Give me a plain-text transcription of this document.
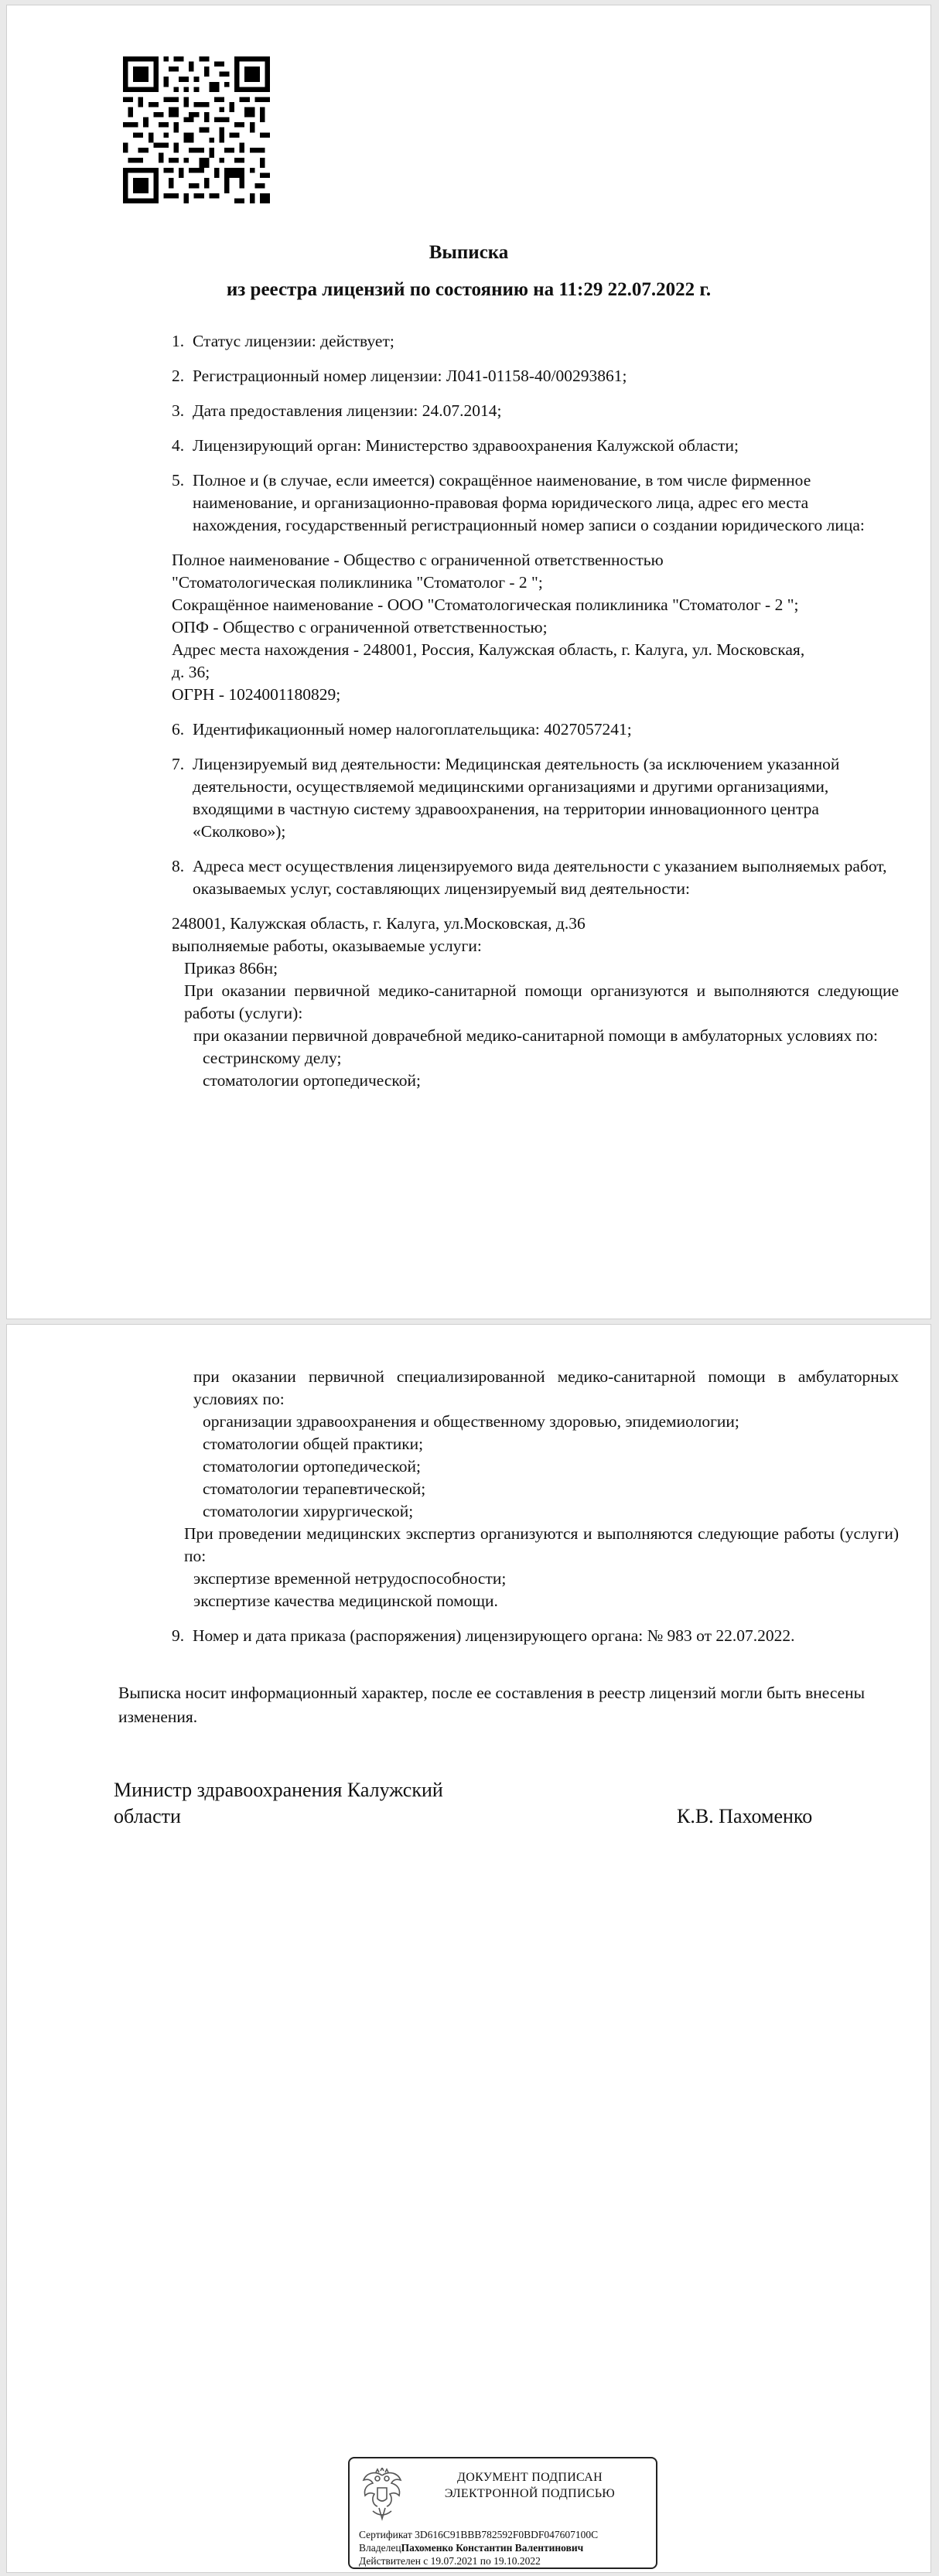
Выписка
из реестра лицензий по состоянию на 11:29 22.07.2022 г.
1. Статус лицензии: действует;
2. Регистрационный номер лицензии: Л041-01158-40/00293861;
3. Дата предоставления лицензии: 24.07.2014;
4. Лицензирующий орган: Министерство здравоохранения Калужской области;
5. Полное и (в случае, если имеется) сокращённое наименование, в том числе фирменное наименование, и организационно-правовая форма юридического лица, адрес его места нахождения, государственный регистрационный номер записи о создании юридического лица:
Полное наименование - Общество с ограниченной ответственностью
"Стоматологическая поликлиника "Стоматолог - 2 ";
Сокращённое наименование - ООО "Стоматологическая поликлиника "Стоматолог - 2 ";
ОПФ - Общество с ограниченной ответственностью;
Адрес места нахождения - 248001, Россия, Калужская область, г. Калуга, ул. Московская,
д. 36;
ОГРН - 1024001180829;
6. Идентификационный номер налогоплательщика: 4027057241;
7. Лицензируемый вид деятельности: Медицинская деятельность (за исключением указанной деятельности, осуществляемой медицинскими организациями и другими организациями, входящими в частную систему здравоохранения, на территории инновационного центра «Сколково»);
8. Адреса мест осуществления лицензируемого вида деятельности с указанием выполняемых работ, оказываемых услуг, составляющих лицензируемый вид деятельности:
248001, Калужская область, г. Калуга, ул.Московская, д.36
выполняемые работы, оказываемые услуги:
Приказ 866н;
При оказании первичной медико-санитарной помощи организуются и выполняются следующие работы (услуги):
при оказании первичной доврачебной медико-санитарной помощи в амбулаторных условиях по:
сестринскому делу;
стоматологии ортопедической;
при оказании первичной специализированной медико-санитарной помощи в амбулаторных условиях по:
организации здравоохранения и общественному здоровью, эпидемиологии;
стоматологии общей практики;
стоматологии ортопедической;
стоматологии терапевтической;
стоматологии хирургической;
При проведении медицинских экспертиз организуются и выполняются следующие работы (услуги) по:
экспертизе временной нетрудоспособности;
экспертизе качества медицинской помощи.
9. Номер и дата приказа (распоряжения) лицензирующего органа: № 983 от 22.07.2022.
Выписка носит информационный характер, после ее составления в реестр лицензий могли быть внесены изменения.
Министр здравоохранения Калужский
области	К.В. Пахоменко
ДОКУМЕНТ ПОДПИСАН
ЭЛЕКТРОННОЙ ПОДПИСЬЮ
Сертификат 3D616C91BBB782592F0BDF047607100C
ВладелецПахоменко Константин Валентинович
Действителен с 19.07.2021 по 19.10.2022
